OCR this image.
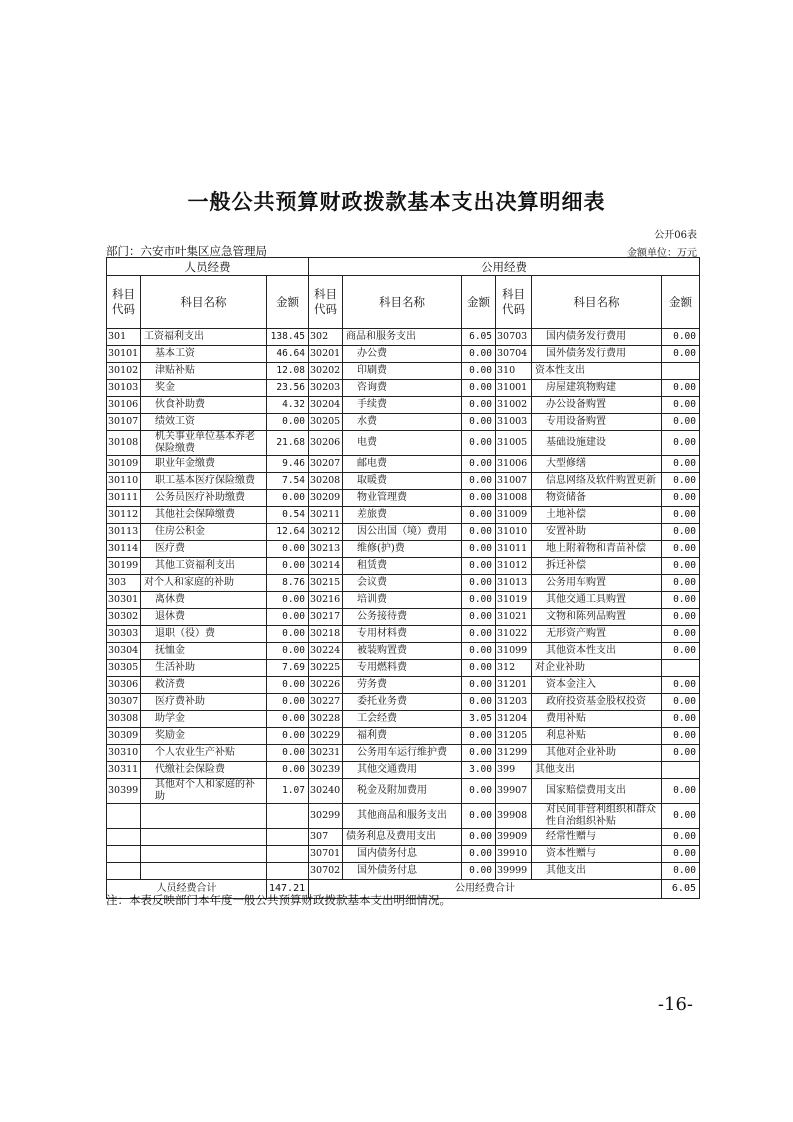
一般公共预算财政拨款基本支出决算明细表
公开06表
部门：六安市叶集区应急管理局	金额单位：万元
人员经费			公用经费					
科目代码	科目名称	金额	科目代码	科目名称	金额	科目代码	科目名称	金额
301	工资福利支出	138.45	302	商品和服务支出	6.05	30703	国内债务发行费用	0.00
30101	基本工资	46.64	30201	办公费	0.00	30704	国外债务发行费用	0.00
30102	津贴补贴	12.08	30202	印刷费	0.00	310	资本性支出	
30103	奖金	23.56	30203	咨询费	0.00	31001	房屋建筑物购建	0.00
30106	伙食补助费	4.32	30204	手续费	0.00	31002	办公设备购置	0.00
30107	绩效工资	0.00	30205	水费	0.00	31003	专用设备购置	0.00
30108	机关事业单位基本养老保险缴费	21.68	30206	电费	0.00	31005	基础设施建设	0.00
30109	职业年金缴费	9.46	30207	邮电费	0.00	31006	大型修缮	0.00
30110	职工基本医疗保险缴费	7.54	30208	取暖费	0.00	31007	信息网络及软件购置更新	0.00
30111	公务员医疗补助缴费	0.00	30209	物业管理费	0.00	31008	物资储备	0.00
30112	其他社会保障缴费	0.54	30211	差旅费	0.00	31009	土地补偿	0.00
30113	住房公积金	12.64	30212	因公出国（境）费用	0.00	31010	安置补助	0.00
30114	医疗费	0.00	30213	维修(护)费	0.00	31011	地上附着物和青苗补偿	0.00
30199	其他工资福利支出	0.00	30214	租赁费	0.00	31012	拆迁补偿	0.00
303	对个人和家庭的补助	8.76	30215	会议费	0.00	31013	公务用车购置	0.00
30301	离休费	0.00	30216	培训费	0.00	31019	其他交通工具购置	0.00
30302	退休费	0.00	30217	公务接待费	0.00	31021	文物和陈列品购置	0.00
30303	退职（役）费	0.00	30218	专用材料费	0.00	31022	无形资产购置	0.00
30304	抚恤金	0.00	30224	被装购置费	0.00	31099	其他资本性支出	0.00
30305	生活补助	7.69	30225	专用燃料费	0.00	312	对企业补助	
30306	救济费	0.00	30226	劳务费	0.00	31201	资本金注入	0.00
30307	医疗费补助	0.00	30227	委托业务费	0.00	31203	政府投资基金股权投资	0.00
30308	助学金	0.00	30228	工会经费	3.05	31204	费用补贴	0.00
30309	奖励金	0.00	30229	福利费	0.00	31205	利息补贴	0.00
30310	个人农业生产补贴	0.00	30231	公务用车运行维护费	0.00	31299	其他对企业补助	0.00
30311	代缴社会保险费	0.00	30239	其他交通费用	3.00	399	其他支出	
30399	其他对个人和家庭的补助	1.07	30240	税金及附加费用	0.00	39907	国家赔偿费用支出	0.00
			30299	其他商品和服务支出	0.00	39908	对民间非营利组织和群众性自治组织补贴	0.00
			307	债务利息及费用支出	0.00	39909	经常性赠与	0.00
			30701	国内债务付息	0.00	39910	资本性赠与	0.00
			30702	国外债务付息	0.00	39999	其他支出	0.00
人员经费合计		147.21	公用经费合计					6.05
注：本表反映部门本年度一般公共预算财政拨款基本支出明细情况。
-16-
